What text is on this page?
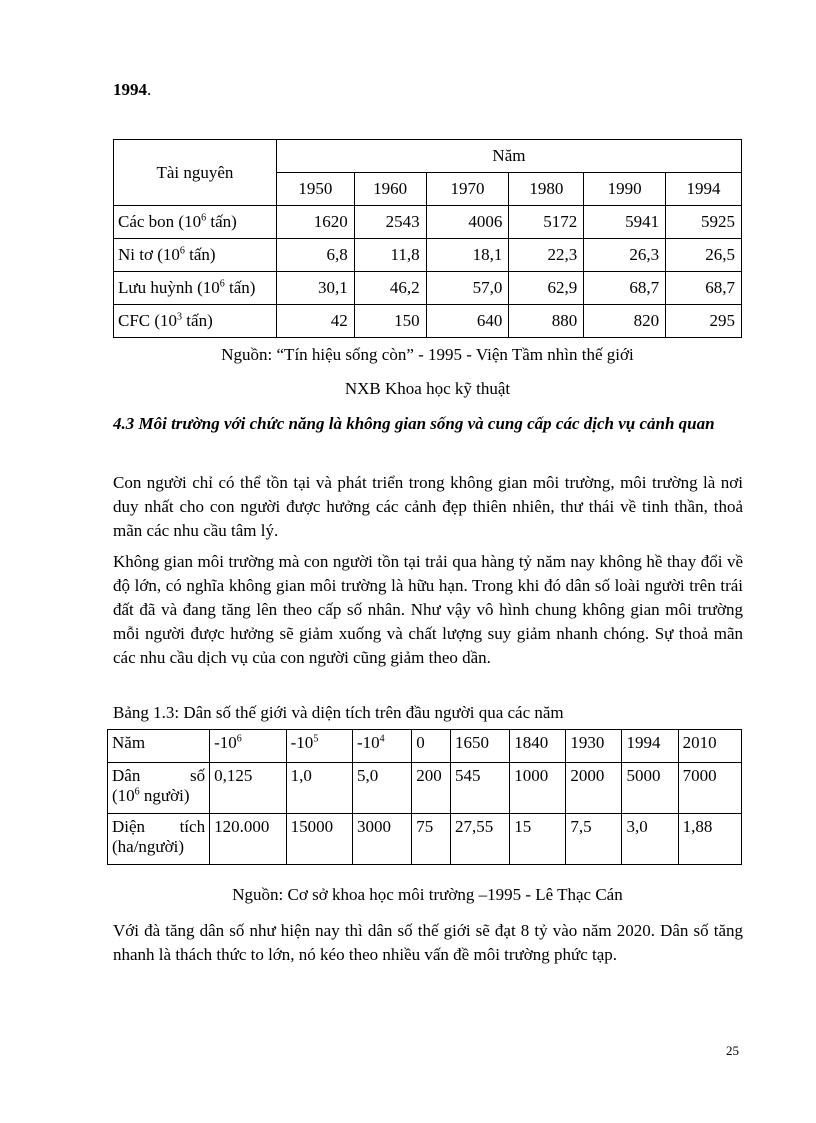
1994.
Tài nguyên	Năm					
	1950	1960	1970	1980	1990	1994
Các bon ($10^6$ tấn)	1620	2543	4006	5172	5941	5925
Ni tơ ($10^6$ tấn)	6,8	11,8	18,1	22,3	26,3	26,5
Lưu huỳnh ($10^6$ tấn)	30,1	46,2	57,0	62,9	68,7	68,7
CFC ($10^3$ tấn)	42	150	640	880	820	295
Nguồn: “Tín hiệu sống còn” - 1995 - Viện Tầm nhìn thế giới
NXB Khoa học kỹ thuật
4.3 Môi trường với chức năng là không gian sống và cung cấp các dịch vụ cảnh quan
Con người chỉ có thể tồn tại và phát triển trong không gian môi trường, môi trường là nơi duy nhất cho con người được hưởng các cảnh đẹp thiên nhiên, thư thái về tinh thần, thoả mãn các nhu cầu tâm lý.
Không gian môi trường mà con người tồn tại trải qua hàng tỷ năm nay không hề thay đổi về độ lớn, có nghĩa không gian môi trường là hữu hạn. Trong khi đó dân số loài người trên trái đất đã và đang tăng lên theo cấp số nhân. Như vậy vô hình chung không gian môi trường mỗi người được hưởng sẽ giảm xuống và chất lượng suy giảm nhanh chóng. Sự thoả mãn các nhu cầu dịch vụ của con người cũng giảm theo dần.
Bảng 1.3: Dân số thế giới và diện tích trên đầu người qua các năm
Năm	$-10^6$	$-10^5$	$-10^4$	0	1650	1840	1930	1994	2010

Dân số
($10^6$ người)	0,125	1,0	5,0	200	545	1000	2000	5000	7000

Diện tích
(ha/người)	120.000	15000	3000	75	27,55	15	7,5	3,0	1,88
Nguồn: Cơ sở khoa học môi trường –1995 - Lê Thạc Cán
Với đà tăng dân số như hiện nay thì dân số thế giới sẽ đạt 8 tỷ vào năm 2020. Dân số tăng nhanh là thách thức to lớn, nó kéo theo nhiều vấn đề môi trường phức tạp.
25
